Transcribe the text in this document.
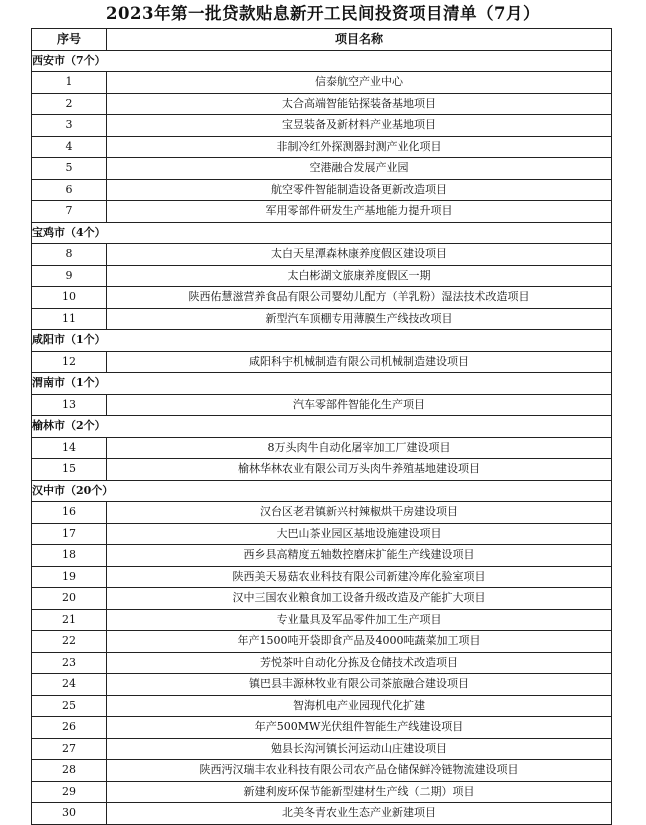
2023年第一批贷款贴息新开工民间投资项目清单（7月）
序号	项目名称
西安市（7个）	
1	信泰航空产业中心
2	太合高端智能钻探装备基地项目
3	宝昱装备及新材料产业基地项目
4	非制冷红外探测器封测产业化项目
5	空港融合发展产业园
6	航空零件智能制造设备更新改造项目
7	军用零部件研发生产基地能力提升项目
宝鸡市（4个）	
8	太白天星潭森林康养度假区建设项目
9	太白彬湖文旅康养度假区一期
10	陕西佑慧滋营养食品有限公司婴幼儿配方（羊乳粉）湿法技术改造项目
11	新型汽车顶棚专用薄膜生产线技改项目
咸阳市（1个）	
12	咸阳科宇机械制造有限公司机械制造建设项目
渭南市（1个）	
13	汽车零部件智能化生产项目
榆林市（2个）	
14	8万头肉牛自动化屠宰加工厂建设项目
15	榆林华林农业有限公司万头肉牛养殖基地建设项目
汉中市（20个）	
16	汉台区老君镇新兴村辣椒烘干房建设项目
17	大巴山茶业园区基地设施建设项目
18	西乡县高精度五轴数控磨床扩能生产线建设项目
19	陕西美天易菇农业科技有限公司新建冷库化验室项目
20	汉中三国农业粮食加工设备升级改造及产能扩大项目
21	专业量具及军品零件加工生产项目
22	年产1500吨开袋即食产品及4000吨蔬菜加工项目
23	芳悦茶叶自动化分拣及仓储技术改造项目
24	镇巴县丰源林牧业有限公司茶旅融合建设项目
25	智海机电产业园现代化扩建
26	年产500MW光伏组件智能生产线建设项目
27	勉县长沟河镇长河运动山庄建设项目
28	陕西沔汉瑞丰农业科技有限公司农产品仓储保鲜冷链物流建设项目
29	新建利废环保节能新型建材生产线（二期）项目
30	北美冬青农业生态产业新建项目
